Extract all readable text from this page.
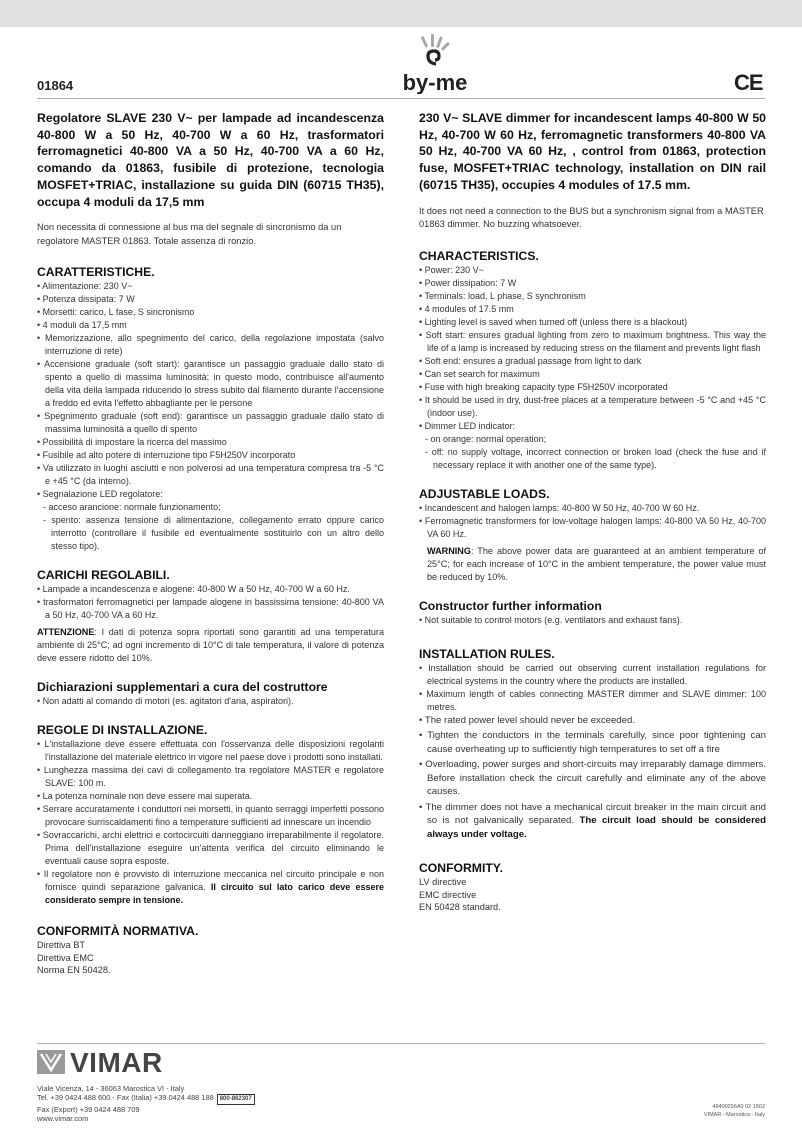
01864	by-me	CE

Regolatore SLAVE 230 V~ per lampade ad incandescenza 40-800 W a 50 Hz, 40-700 W a 60 Hz, trasformatori ferromagnetici 40-800 VA a 50 Hz, 40-700 VA a 60 Hz, comando da 01863, fusibile di protezione, tecnologia MOSFET+TRIAC, installazione su guida DIN (60715 TH35), occupa 4 moduli da 17,5 mm

Non necessita di connessione al bus ma del segnale di sincronismo da un regolatore MASTER 01863. Totale assenza di ronzio.

CARATTERISTICHE.
• Alimentazione: 230 V~
• Potenza dissipata: 7 W
• Morsetti: carico, L fase, S sincronismo
• 4 moduli da 17,5 mm
• Memorizzazione, allo spegnimento del carico, della regolazione impostata (salvo interruzione di rete)
• Accensione graduale (soft start): garantisce un passaggio graduale dallo stato di spento a quello di massima luminosità; in questo modo, contribuisce all'aumento della vita della lampada riducendo lo stress subito dal filamento durante l'accensione a freddo ed evita l'effetto abbagliante per le persone
• Spegnimento graduale (soft end): garantisce un passaggio graduale dallo stato di massima luminosità a quello di spento
• Possibilità di impostare la ricerca del massimo
• Fusibile ad alto potere di interruzione tipo F5H250V incorporato
• Va utilizzato in luoghi asciutti e non polverosi ad una temperatura compresa tra -5 °C e +45 °C (da interno).
• Segnalazione LED regolatore:
- acceso arancione: normale funzionamento;
- spento: assenza tensione di alimentazione, collegamento errato oppure carico interrotto (controllare il fusibile ed eventualmente sostituirlo con un altro dello stesso tipo).
CARICHI REGOLABILI.
• Lampade a incandescenza e alogene: 40-800 W a 50 Hz, 40-700 W a 60 Hz.
• trasformatori ferromagnetici per lampade alogene in bassissima tensione: 40-800 VA a 50 Hz, 40-700 VA a 60 Hz.

ATTENZIONE: I dati di potenza sopra riportati sono garantiti ad una temperatura ambiente di 25°C; ad ogni incremento di 10°C di tale temperatura, il valore di potenza deve essere ridotto del 10%.

Dichiarazioni supplementari a cura del costruttore
• Non adatti al comando di motori (es. agitatori d'aria, aspiratori).
REGOLE DI INSTALLAZIONE.
• L'installazione deve essere effettuata con l'osservanza delle disposizioni regolanti l'installazione del materiale elettrico in vigore nel paese dove i prodotti sono installati.
• Lunghezza massima dei cavi di collegamento tra regolatore MASTER e regolatore SLAVE: 100 m.
• La potenza nominale non deve essere mai superata.
• Serrare accuratamente i conduttori nei morsetti, in quanto serraggi imperfetti possono provocare surriscaldamenti fino a temperature sufficienti ad innescare un incendio
• Sovraccarichi, archi elettrici e cortocircuiti danneggiano irreparabilmente il regolatore. Prima dell'installazione eseguire un'attenta verifica del circuito eliminando le eventuali cause sopra esposte.
• Il regolatore non è provvisto di interruzione meccanica nel circuito principale e non fornisce quindi separazione galvanica. Il circuito sul lato carico deve essere considerato sempre in tensione.
CONFORMITÀ NORMATIVA.
Direttiva BT
Direttiva EMC
Norma EN 50428.

230 V~ SLAVE dimmer for incandescent lamps 40-800 W 50 Hz, 40-700 W 60 Hz, ferromagnetic transformers 40-800 VA 50 Hz, 40-700 VA 60 Hz, , control from 01863, protection fuse, MOSFET+TRIAC technology, installation on DIN rail (60715 TH35), occupies 4 modules of 17.5 mm.

It does not need a connection to the BUS but a synchronism signal from a MASTER 01863 dimmer. No buzzing whatsoever.

CHARACTERISTICS.
• Power: 230 V~
• Power dissipation: 7 W
• Terminals: load, L phase, S synchronism
• 4 modules of 17.5 mm
• Lighting level is saved when turned off (unless there is a blackout)
• Soft start: ensures gradual lighting from zero to maximum brightness. This way the life of a lamp is increased by reducing stress on the filament and prevents light flash
• Soft end: ensures a gradual passage from light to dark
• Can set search for maximum
• Fuse with high breaking capacity type F5H250V incorporated
• It should be used in dry, dust-free places at a temperature between -5 °C and +45 °C (indoor use).
• Dimmer LED indicator:
- on orange: normal operation;
- off: no supply voltage, incorrect connection or broken load (check the fuse and if necessary replace it with another one of the same type).
ADJUSTABLE LOADS.
• Incandescent and halogen lamps: 40-800 W 50 Hz, 40-700 W 60 Hz.
• Ferromagnetic transformers for low-voltage halogen lamps: 40-800 VA 50 Hz, 40-700 VA 60 Hz.

WARNING: The above power data are guaranteed at an ambient temperature of 25°C; for each increase of 10°C in the ambient temperature, the power value must be reduced by 10%.

Constructor further information
• Not suitable to control motors (e.g. ventilators and exhaust fans).
INSTALLATION RULES.
• Installation should be carried out observing current installation regulations for electrical systems in the country where the products are installed.
• Maximum length of cables connecting MASTER dimmer and SLAVE dimmer: 100 metres.
• The rated power level should never be exceeded.
• Tighten the conductors in the terminals carefully, since poor tightening can cause overheating up to sufficiently high temperatures to set off a fire
• Overloading, power surges and short-circuits may irreparably damage dimmers. Before installation check the circuit carefully and eliminate any of the above causes.
• The dimmer does not have a mechanical circuit breaker in the main circuit and so is not galvanically separated. The circuit load should be considered always under voltage.
CONFORMITY.
LV directive
EMC directive
EN 50428 standard.
VIMAR
Viale Vicenza, 14 - 36063 Marostica VI - Italy
Tel. +39 0424 488 600 - Fax (Italia) +39 0424 488 188 800-862307
Fax (Export) +39 0424 488 709
www.vimar.com
49400256A0 02 1502
VIMAR - Marostica - Italy
